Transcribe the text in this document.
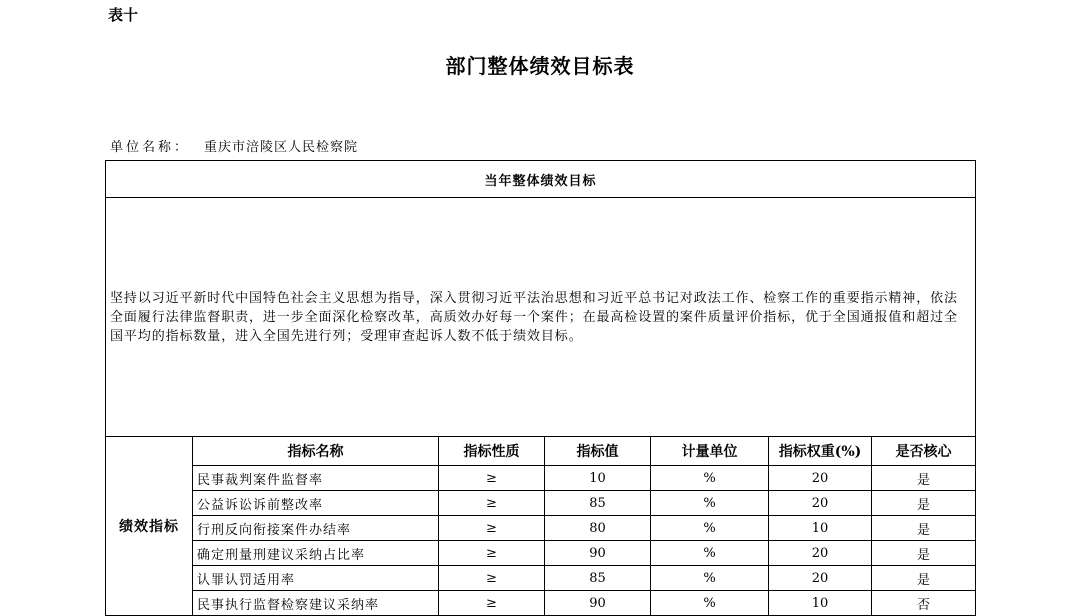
表十
部门整体绩效目标表
单位名称： 重庆市涪陵区人民检察院
当年整体绩效目标						
坚持以习近平新时代中国特色社会主义思想为指导，深入贯彻习近平法治思想和习近平总书记对政法工作、检察工作的重要指示精神，依法全面履行法律监督职责，进一步全面深化检察改革，高质效办好每一个案件；在最高检设置的案件质量评价指标，优于全国通报值和超过全国平均的指标数量，进入全国先进行列；受理审查起诉人数不低于绩效目标。						
绩效指标	指标名称	指标性质	指标值	计量单位	指标权重(%)	是否核心
	民事裁判案件监督率	≥	10	%	20	是
	公益诉讼诉前整改率	≥	85	%	20	是
	行刑反向衔接案件办结率	≥	80	%	10	是
	确定刑量刑建议采纳占比率	≥	90	%	20	是
	认罪认罚适用率	≥	85	%	20	是
	民事执行监督检察建议采纳率	≥	90	%	10	否
